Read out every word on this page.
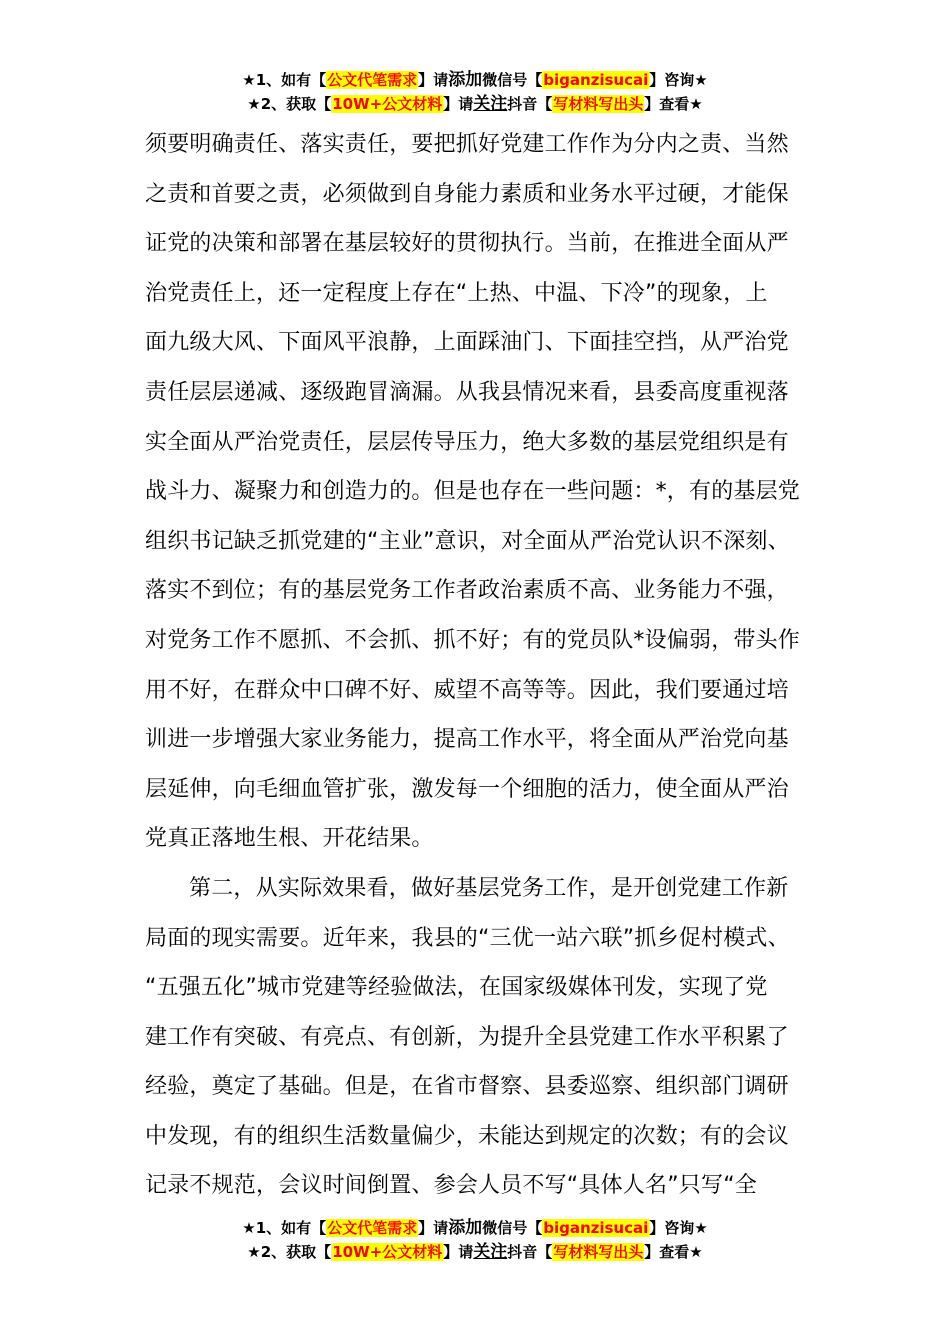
★1、如有【公文代笔需求】请添加微信号【biganzisucai】咨询★
★2、获取【10W+公文材料】请关注抖音【写材料写出头】查看★
须要明确责任、落实责任，要把抓好党建工作作为分内之责、当然
之责和首要之责，必须做到自身能力素质和业务水平过硬，才能保
证党的决策和部署在基层较好的贯彻执行。当前，在推进全面从严
治党责任上，还一定程度上存在“上热、中温、下冷”的现象，上
面九级大风、下面风平浪静，上面踩油门、下面挂空挡，从严治党
责任层层递减、逐级跑冒滴漏。从我县情况来看，县委高度重视落
实全面从严治党责任，层层传导压力，绝大多数的基层党组织是有
战斗力、凝聚力和创造力的。但是也存在一些问题：*，有的基层党
组织书记缺乏抓党建的“主业”意识，对全面从严治党认识不深刻、
落实不到位；有的基层党务工作者政治素质不高、业务能力不强，
对党务工作不愿抓、不会抓、抓不好；有的党员队*设偏弱，带头作
用不好，在群众中口碑不好、威望不高等等。因此，我们要通过培
训进一步增强大家业务能力，提高工作水平，将全面从严治党向基
层延伸，向毛细血管扩张，激发每一个细胞的活力，使全面从严治
党真正落地生根、开花结果。
第二，从实际效果看，做好基层党务工作，是开创党建工作新
局面的现实需要。近年来，我县的“三优一站六联”抓乡促村模式、
“五强五化”城市党建等经验做法，在国家级媒体刊发，实现了党
建工作有突破、有亮点、有创新，为提升全县党建工作水平积累了
经验，奠定了基础。但是，在省市督察、县委巡察、组织部门调研
中发现，有的组织生活数量偏少，未能达到规定的次数；有的会议
记录不规范，会议时间倒置、参会人员不写“具体人名”只写“全
★1、如有【公文代笔需求】请添加微信号【biganzisucai】咨询★
★2、获取【10W+公文材料】请关注抖音【写材料写出头】查看★
